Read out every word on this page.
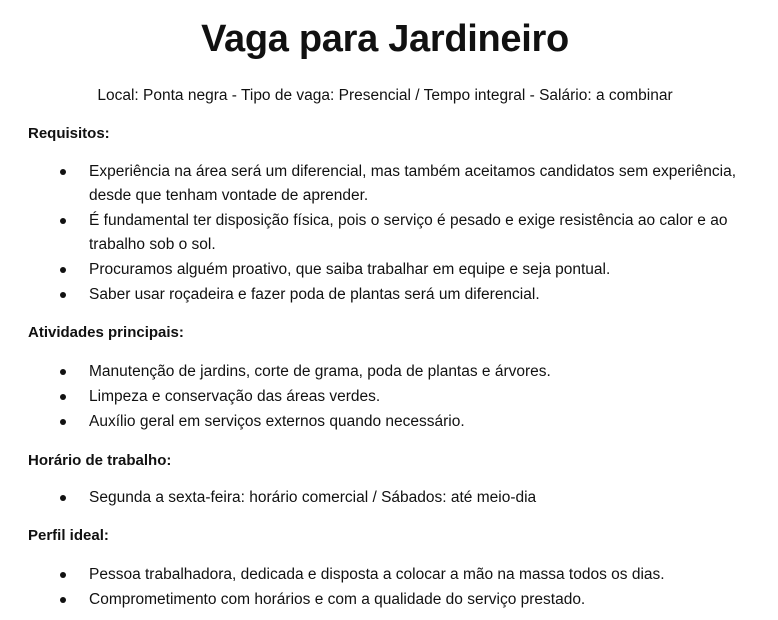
Vaga para Jardineiro

Local: Ponta negra - Tipo de vaga: Presencial / Tempo integral - Salário: a combinar

Requisitos:
Experiência na área será um diferencial, mas também aceitamos candidatos sem experiência, desde que tenham vontade de aprender.
É fundamental ter disposição física, pois o serviço é pesado e exige resistência ao calor e ao trabalho sob o sol.
Procuramos alguém proativo, que saiba trabalhar em equipe e seja pontual.
Saber usar roçadeira e fazer poda de plantas será um diferencial.
Atividades principais:
Manutenção de jardins, corte de grama, poda de plantas e árvores.
Limpeza e conservação das áreas verdes.
Auxílio geral em serviços externos quando necessário.
Horário de trabalho:
Segunda a sexta-feira: horário comercial / Sábados: até meio-dia
Perfil ideal:
Pessoa trabalhadora, dedicada e disposta a colocar a mão na massa todos os dias.
Comprometimento com horários e com a qualidade do serviço prestado.
